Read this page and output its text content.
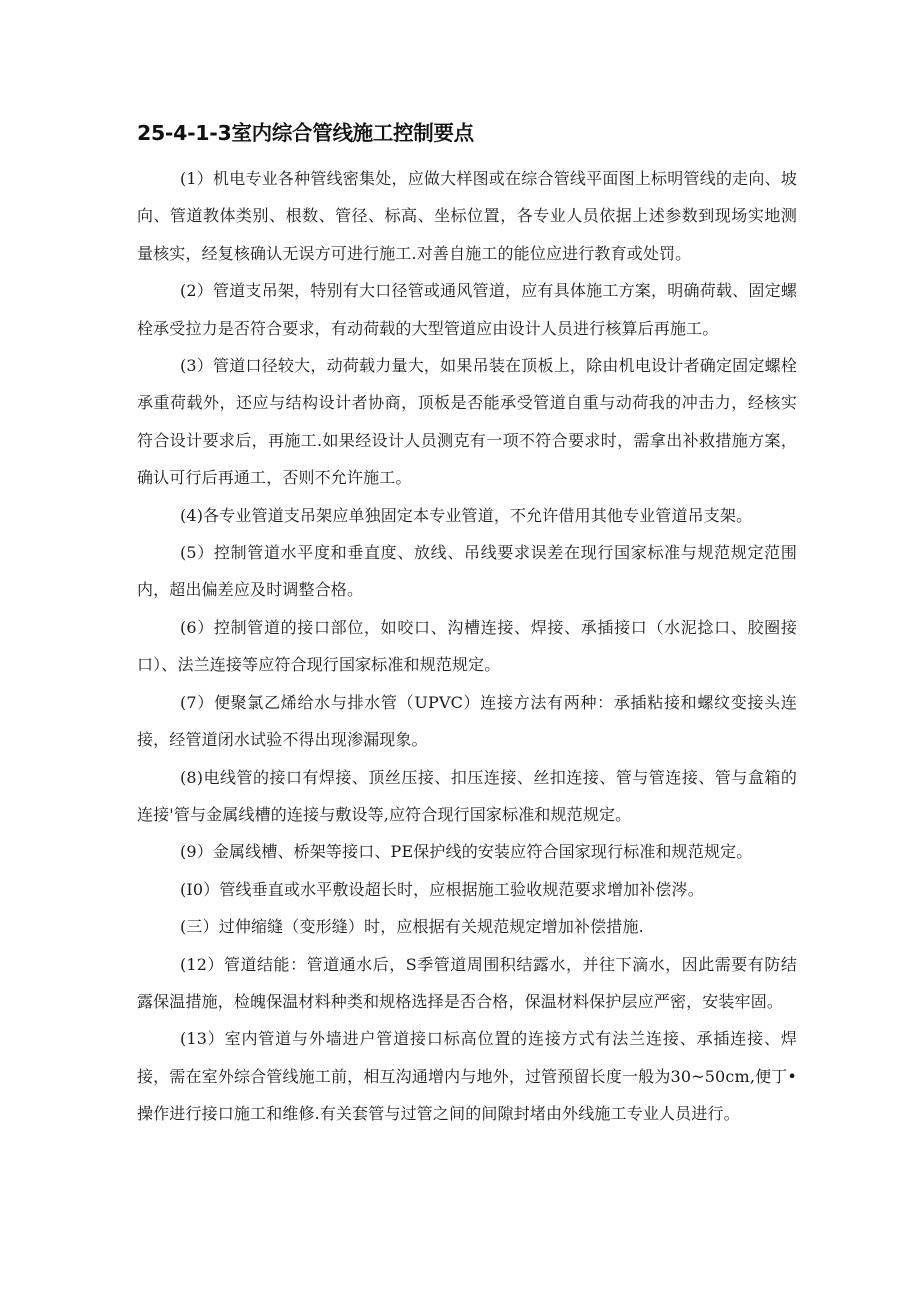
25-4-1-3室内综合管线施工控制要点

(1）机电专业各种管线密集处，应做大样图或在综合管线平面图上标明管线的走向、坡向、管道教体类别、根数、管径、标高、坐标位置，各专业人员依据上述参数到现场实地测量核实，经复核确认无误方可进行施工.对善自施工的能位应进行教育或处罚。

(2）管道支吊架，特别有大口径管或通风管道，应有具体施工方案，明确荷载、固定螺栓承受拉力是否符合要求，有动荷载的大型管道应由设计人员进行核算后再施工。

(3）管道口径较大，动荷载力量大，如果吊装在顶板上，除由机电设计者确定固定螺栓承重荷载外，还应与结构设计者协商，顶板是否能承受管道自重与动荷我的冲击力，经核实符合设计要求后，再施工.如果经设计人员测克有一项不符合要求时，需拿出补救措施方案，确认可行后再通工，否则不允许施工。

(4)各专业管道支吊架应单独固定本专业管道，不允许借用其他专业管道吊支架。

(5）控制管道水平度和垂直度、放线、吊线要求误差在现行国家标准与规范规定范围内，超出偏差应及时调整合格。

(6）控制管道的接口部位，如咬口、沟槽连接、焊接、承插接口（水泥捻口、胶圈接口）、法兰连接等应符合现行国家标准和规范规定。

(7）便聚氯乙烯给水与排水管（UPVC）连接方法有两种：承插粘接和螺纹变接头连接，经管道闭水试验不得出现渗漏现象。

(8)电线管的接口有焊接、顶丝压接、扣压连接、丝扣连接、管与管连接、管与盒箱的连接'管与金属线槽的连接与敷设等,应符合现行国家标准和规范规定。

(9）金属线槽、桥架等接口、PE保护线的安装应符合国家现行标准和规范规定。

(I0）管线垂直或水平敷设超长时，应根据施工验收规范要求增加补偿涔。

(三）过伸缩缝（变形缝）时，应根据有关规范规定增加补偿措施.

(12）管道结能：管道通水后，S季管道周围积结露水，并往下滴水，因此需要有防结露保温措施，检魄保温材料种类和规格选择是否合格，保温材料保护层应严密，安装牢固。

(13）室内管道与外墙进户管道接口标高位置的连接方式有法兰连接、承插连接、焊接，需在室外综合管线施工前，相互沟通增内与地外，过管预留长度一般为30~50cm,便丁•操作进行接口施工和维修.有关套管与过管之间的间隙封堵由外线施工专业人员进行。
